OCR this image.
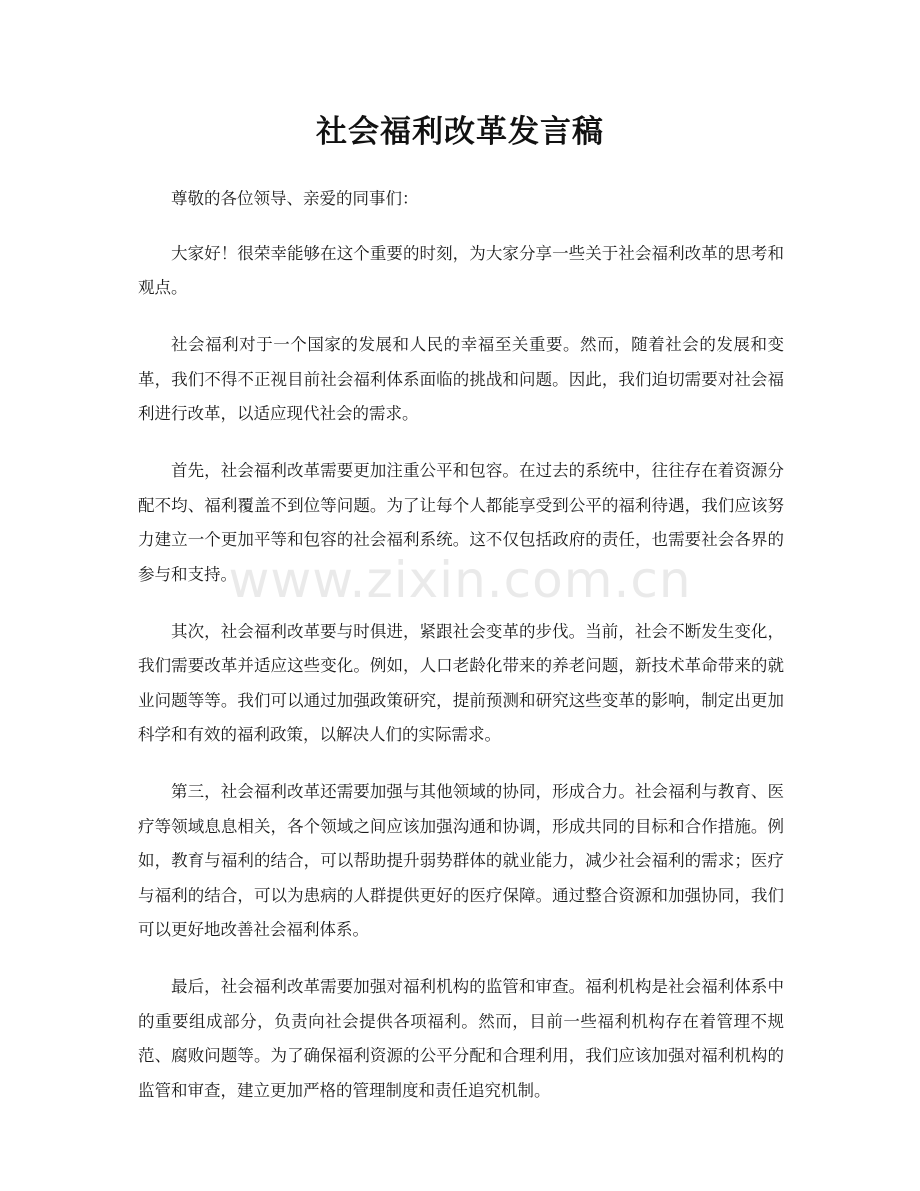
社会福利改革发言稿

尊敬的各位领导、亲爱的同事们：

大家好！很荣幸能够在这个重要的时刻，为大家分享一些关于社会福利改革的思考和观点。

社会福利对于一个国家的发展和人民的幸福至关重要。然而，随着社会的发展和变革，我们不得不正视目前社会福利体系面临的挑战和问题。因此，我们迫切需要对社会福利进行改革，以适应现代社会的需求。

首先，社会福利改革需要更加注重公平和包容。在过去的系统中，往往存在着资源分配不均、福利覆盖不到位等问题。为了让每个人都能享受到公平的福利待遇，我们应该努力建立一个更加平等和包容的社会福利系统。这不仅包括政府的责任，也需要社会各界的参与和支持。

其次，社会福利改革要与时俱进，紧跟社会变革的步伐。当前，社会不断发生变化，我们需要改革并适应这些变化。例如，人口老龄化带来的养老问题，新技术革命带来的就业问题等等。我们可以通过加强政策研究，提前预测和研究这些变革的影响，制定出更加科学和有效的福利政策，以解决人们的实际需求。

第三，社会福利改革还需要加强与其他领域的协同，形成合力。社会福利与教育、医疗等领域息息相关，各个领域之间应该加强沟通和协调，形成共同的目标和合作措施。例如，教育与福利的结合，可以帮助提升弱势群体的就业能力，减少社会福利的需求；医疗与福利的结合，可以为患病的人群提供更好的医疗保障。通过整合资源和加强协同，我们可以更好地改善社会福利体系。

最后，社会福利改革需要加强对福利机构的监管和审查。福利机构是社会福利体系中的重要组成部分，负责向社会提供各项福利。然而，目前一些福利机构存在着管理不规范、腐败问题等。为了确保福利资源的公平分配和合理利用，我们应该加强对福利机构的监管和审查，建立更加严格的管理制度和责任追究机制。

www.zixin.com.cn
